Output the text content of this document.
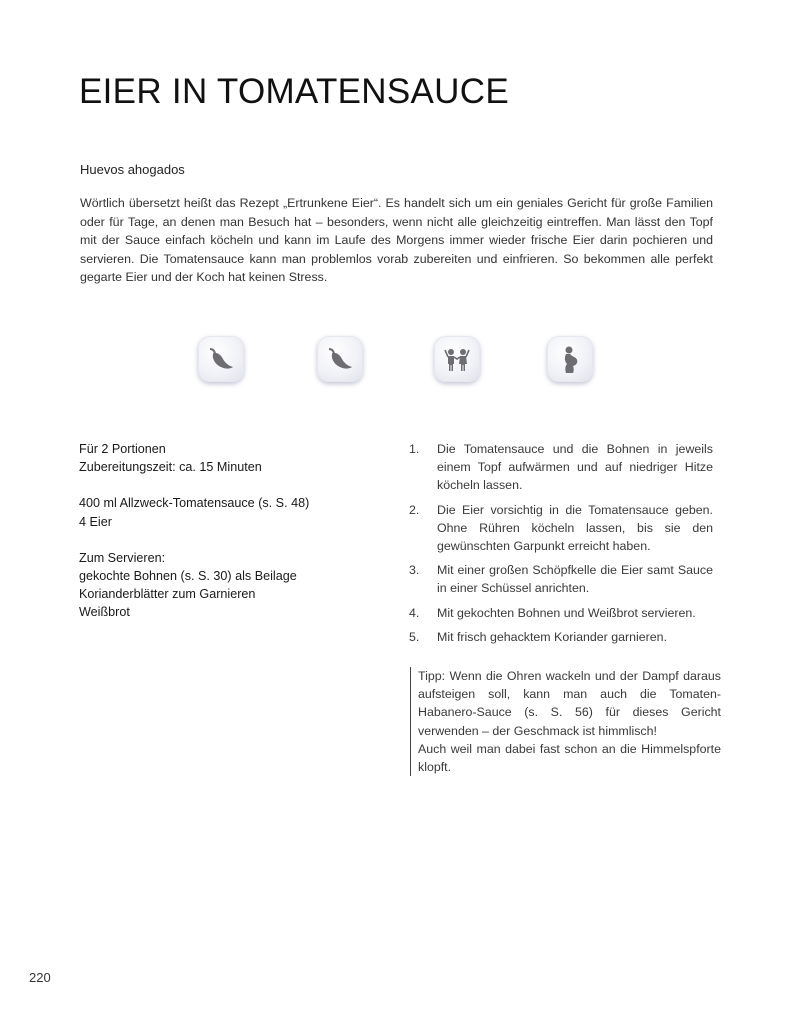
EIER IN TOMATENSAUCE

Huevos ahogados

Wörtlich übersetzt heißt das Rezept „Ertrunkene Eier“. Es handelt sich um ein geniales Gericht für große Familien oder für Tage, an denen man Besuch hat – besonders, wenn nicht alle gleichzeitig eintreffen. Man lässt den Topf mit der Sauce einfach köcheln und kann im Laufe des Morgens immer wieder frische Eier darin pochieren und servieren. Die Tomatensauce kann man problemlos vorab zubereiten und einfrieren. So bekommen alle perfekt gegarte Eier und der Koch hat keinen Stress.

Für 2 Portionen
Zubereitungszeit: ca. 15 Minuten
400 ml Allzweck-Tomatensauce (s. S. 48)
4 Eier
Zum Servieren:
gekochte Bohnen (s. S. 30) als Beilage
Korianderblätter zum Garnieren
Weißbrot
1. Die Tomatensauce und die Bohnen in jeweils einem Topf aufwärmen und auf niedriger Hitze köcheln lassen.
2. Die Eier vorsichtig in die Tomatensauce geben. Ohne Rühren köcheln lassen, bis sie den gewünschten Garpunkt erreicht haben.
3. Mit einer großen Schöpfkelle die Eier samt Sauce in einer Schüssel anrichten.
4. Mit gekochten Bohnen und Weißbrot servieren.
5. Mit frisch gehacktem Koriander garnieren.

Tipp: Wenn die Ohren wackeln und der Dampf daraus aufsteigen soll, kann man auch die Tomaten-Habanero-Sauce (s. S. 56) für dieses Gericht verwenden – der Geschmack ist himmlisch!

Auch weil man dabei fast schon an die Himmelspforte klopft.

220
